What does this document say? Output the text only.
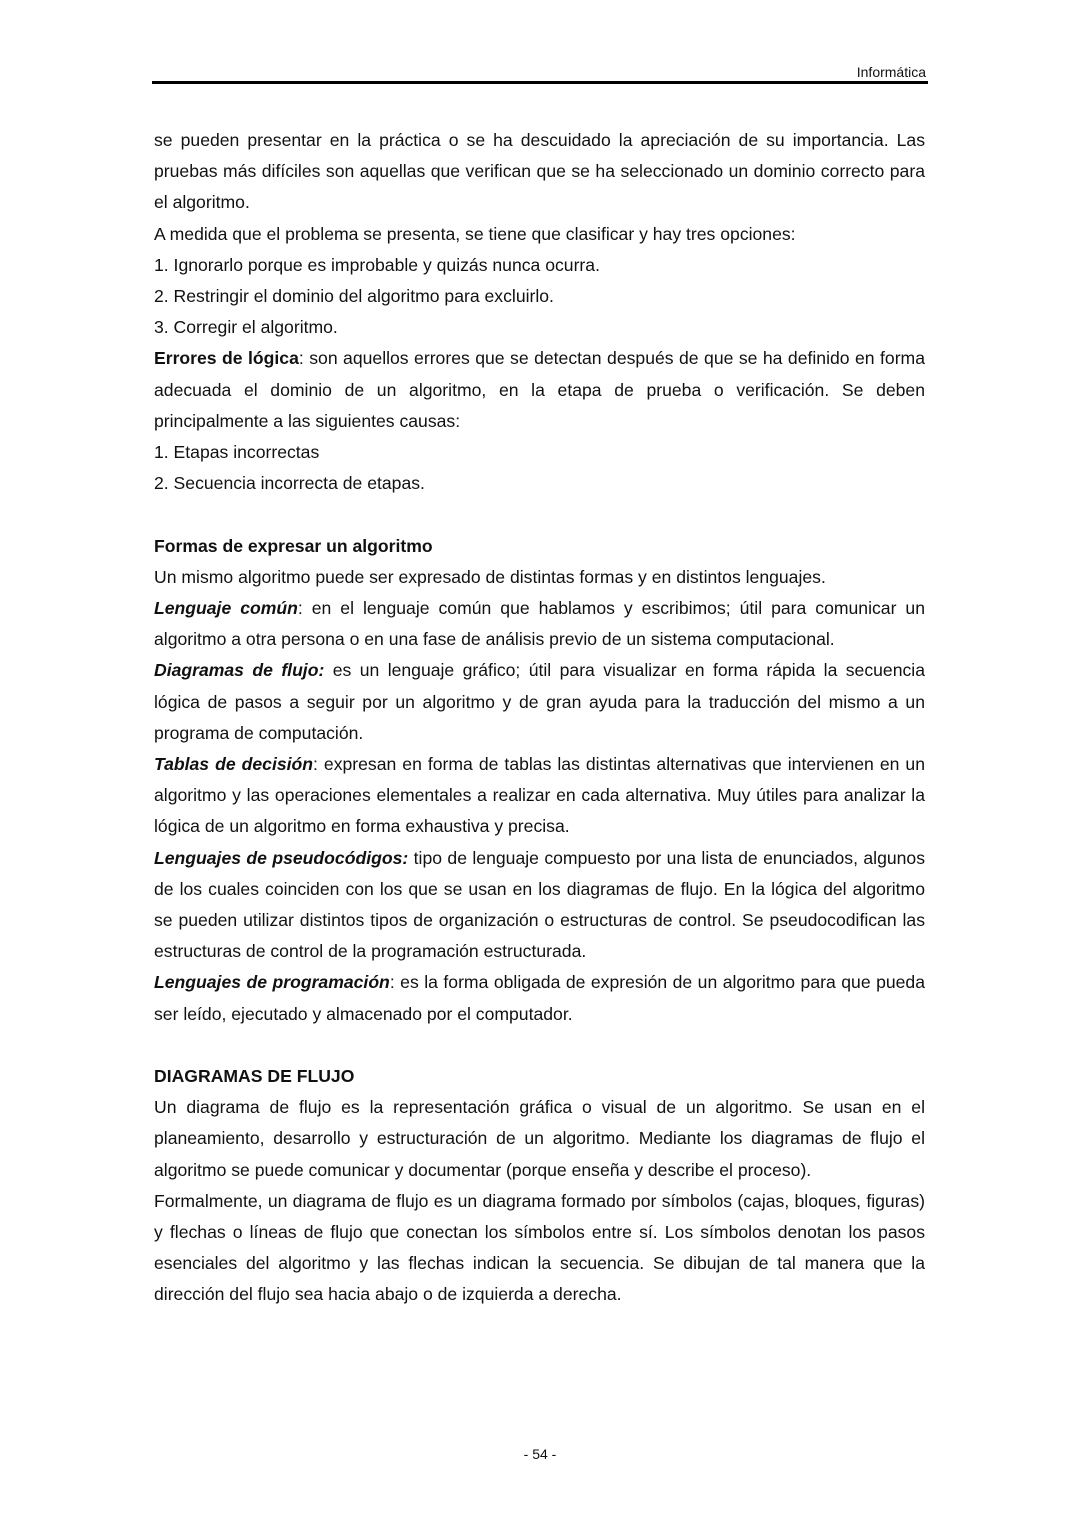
Informática

se pueden presentar en la práctica o se ha descuidado la apreciación de su importancia. Las pruebas más difíciles son aquellas que verifican que se ha seleccionado un dominio correcto para el algoritmo.

A medida que el problema se presenta, se tiene que clasificar y hay tres opciones:

1. Ignorarlo porque es improbable y quizás nunca ocurra.

2. Restringir el dominio del algoritmo para excluirlo.

3. Corregir el algoritmo.

Errores de lógica: son aquellos errores que se detectan después de que se ha definido en forma adecuada el dominio de un algoritmo, en la etapa de prueba o verificación. Se deben principalmente a las siguientes causas:

1. Etapas incorrectas

2. Secuencia incorrecta de etapas.

Formas de expresar un algoritmo

Un mismo algoritmo puede ser expresado de distintas formas y en distintos lenguajes.

Lenguaje común: en el lenguaje común que hablamos y escribimos; útil para comunicar un algoritmo a otra persona o en una fase de análisis previo de un sistema computacional.

Diagramas de flujo: es un lenguaje gráfico; útil para visualizar en forma rápida la secuencia lógica de pasos a seguir por un algoritmo y de gran ayuda para la traducción del mismo a un programa de computación.

Tablas de decisión: expresan en forma de tablas las distintas alternativas que intervienen en un algoritmo y las operaciones elementales a realizar en cada alternativa. Muy útiles para analizar la lógica de un algoritmo en forma exhaustiva y precisa.

Lenguajes de pseudocódigos: tipo de lenguaje compuesto por una lista de enunciados, algunos de los cuales coinciden con los que se usan en los diagramas de flujo. En la lógica del algoritmo se pueden utilizar distintos tipos de organización o estructuras de control. Se pseudocodifican las estructuras de control de la programación estructurada.

Lenguajes de programación: es la forma obligada de expresión de un algoritmo para que pueda ser leído, ejecutado y almacenado por el computador.

DIAGRAMAS DE FLUJO

Un diagrama de flujo es la representación gráfica o visual de un algoritmo. Se usan en el planeamiento, desarrollo y estructuración de un algoritmo. Mediante los diagramas de flujo el algoritmo se puede comunicar y documentar (porque enseña y describe el proceso).

Formalmente, un diagrama de flujo es un diagrama formado por símbolos (cajas, bloques, figuras) y flechas o líneas de flujo que conectan los símbolos entre sí. Los símbolos denotan los pasos esenciales del algoritmo y las flechas indican la secuencia. Se dibujan de tal manera que la dirección del flujo sea hacia abajo o de izquierda a derecha.

- 54 -
